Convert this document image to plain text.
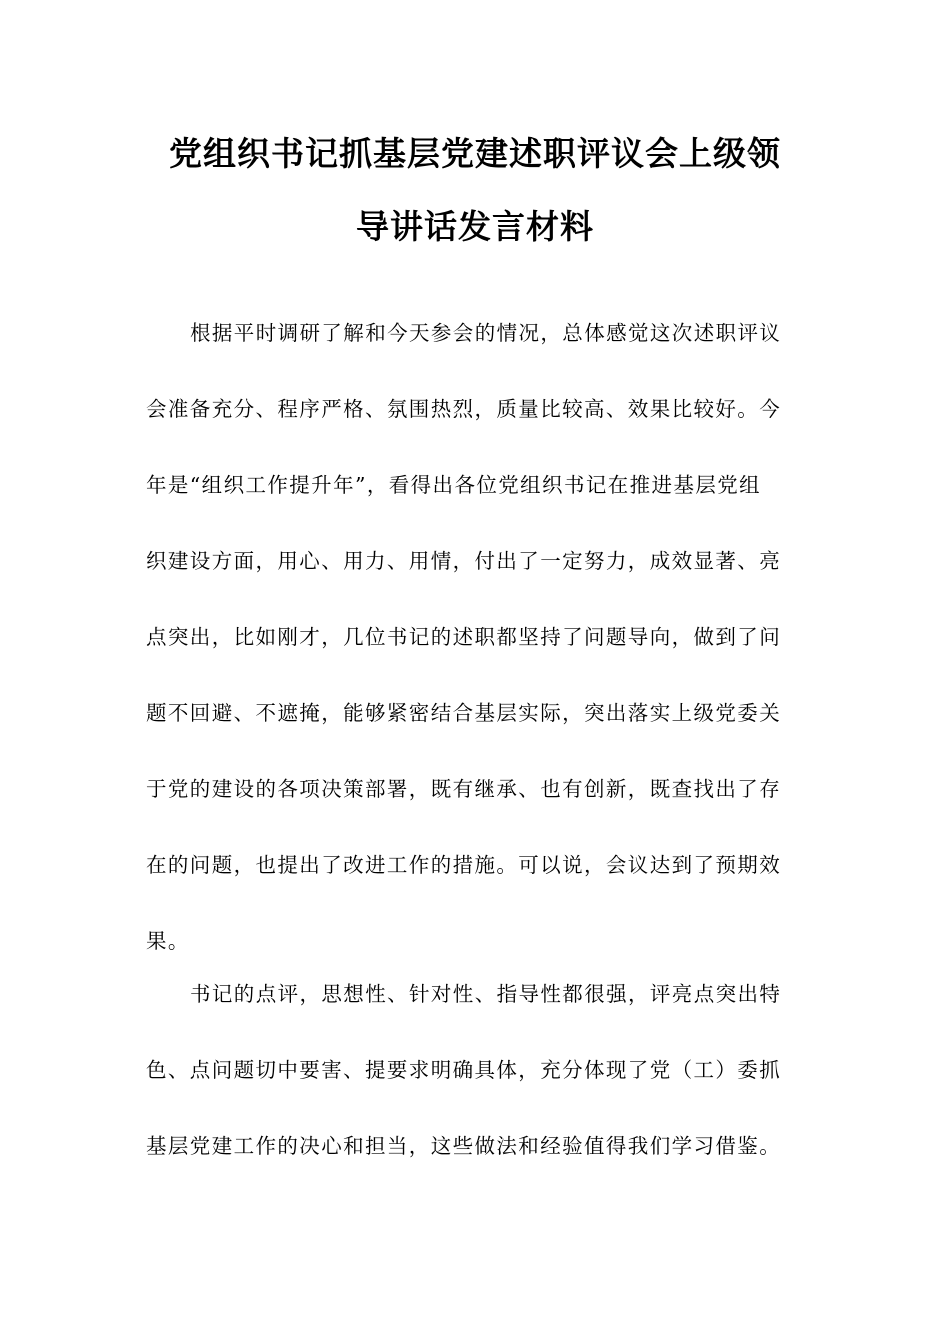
党组织书记抓基层党建述职评议会上级领
导讲话发言材料
根据平时调研了解和今天参会的情况，总体感觉这次述职评议
会准备充分、程序严格、氛围热烈，质量比较高、效果比较好。今
年是“组织工作提升年”，看得出各位党组织书记在推进基层党组
织建设方面，用心、用力、用情，付出了一定努力，成效显著、亮
点突出，比如刚才，几位书记的述职都坚持了问题导向，做到了问
题不回避、不遮掩，能够紧密结合基层实际，突出落实上级党委关
于党的建设的各项决策部署，既有继承、也有创新，既查找出了存
在的问题，也提出了改进工作的措施。可以说，会议达到了预期效
果。
书记的点评，思想性、针对性、指导性都很强，评亮点突出特
色、点问题切中要害、提要求明确具体，充分体现了党（工）委抓
基层党建工作的决心和担当，这些做法和经验值得我们学习借鉴。
